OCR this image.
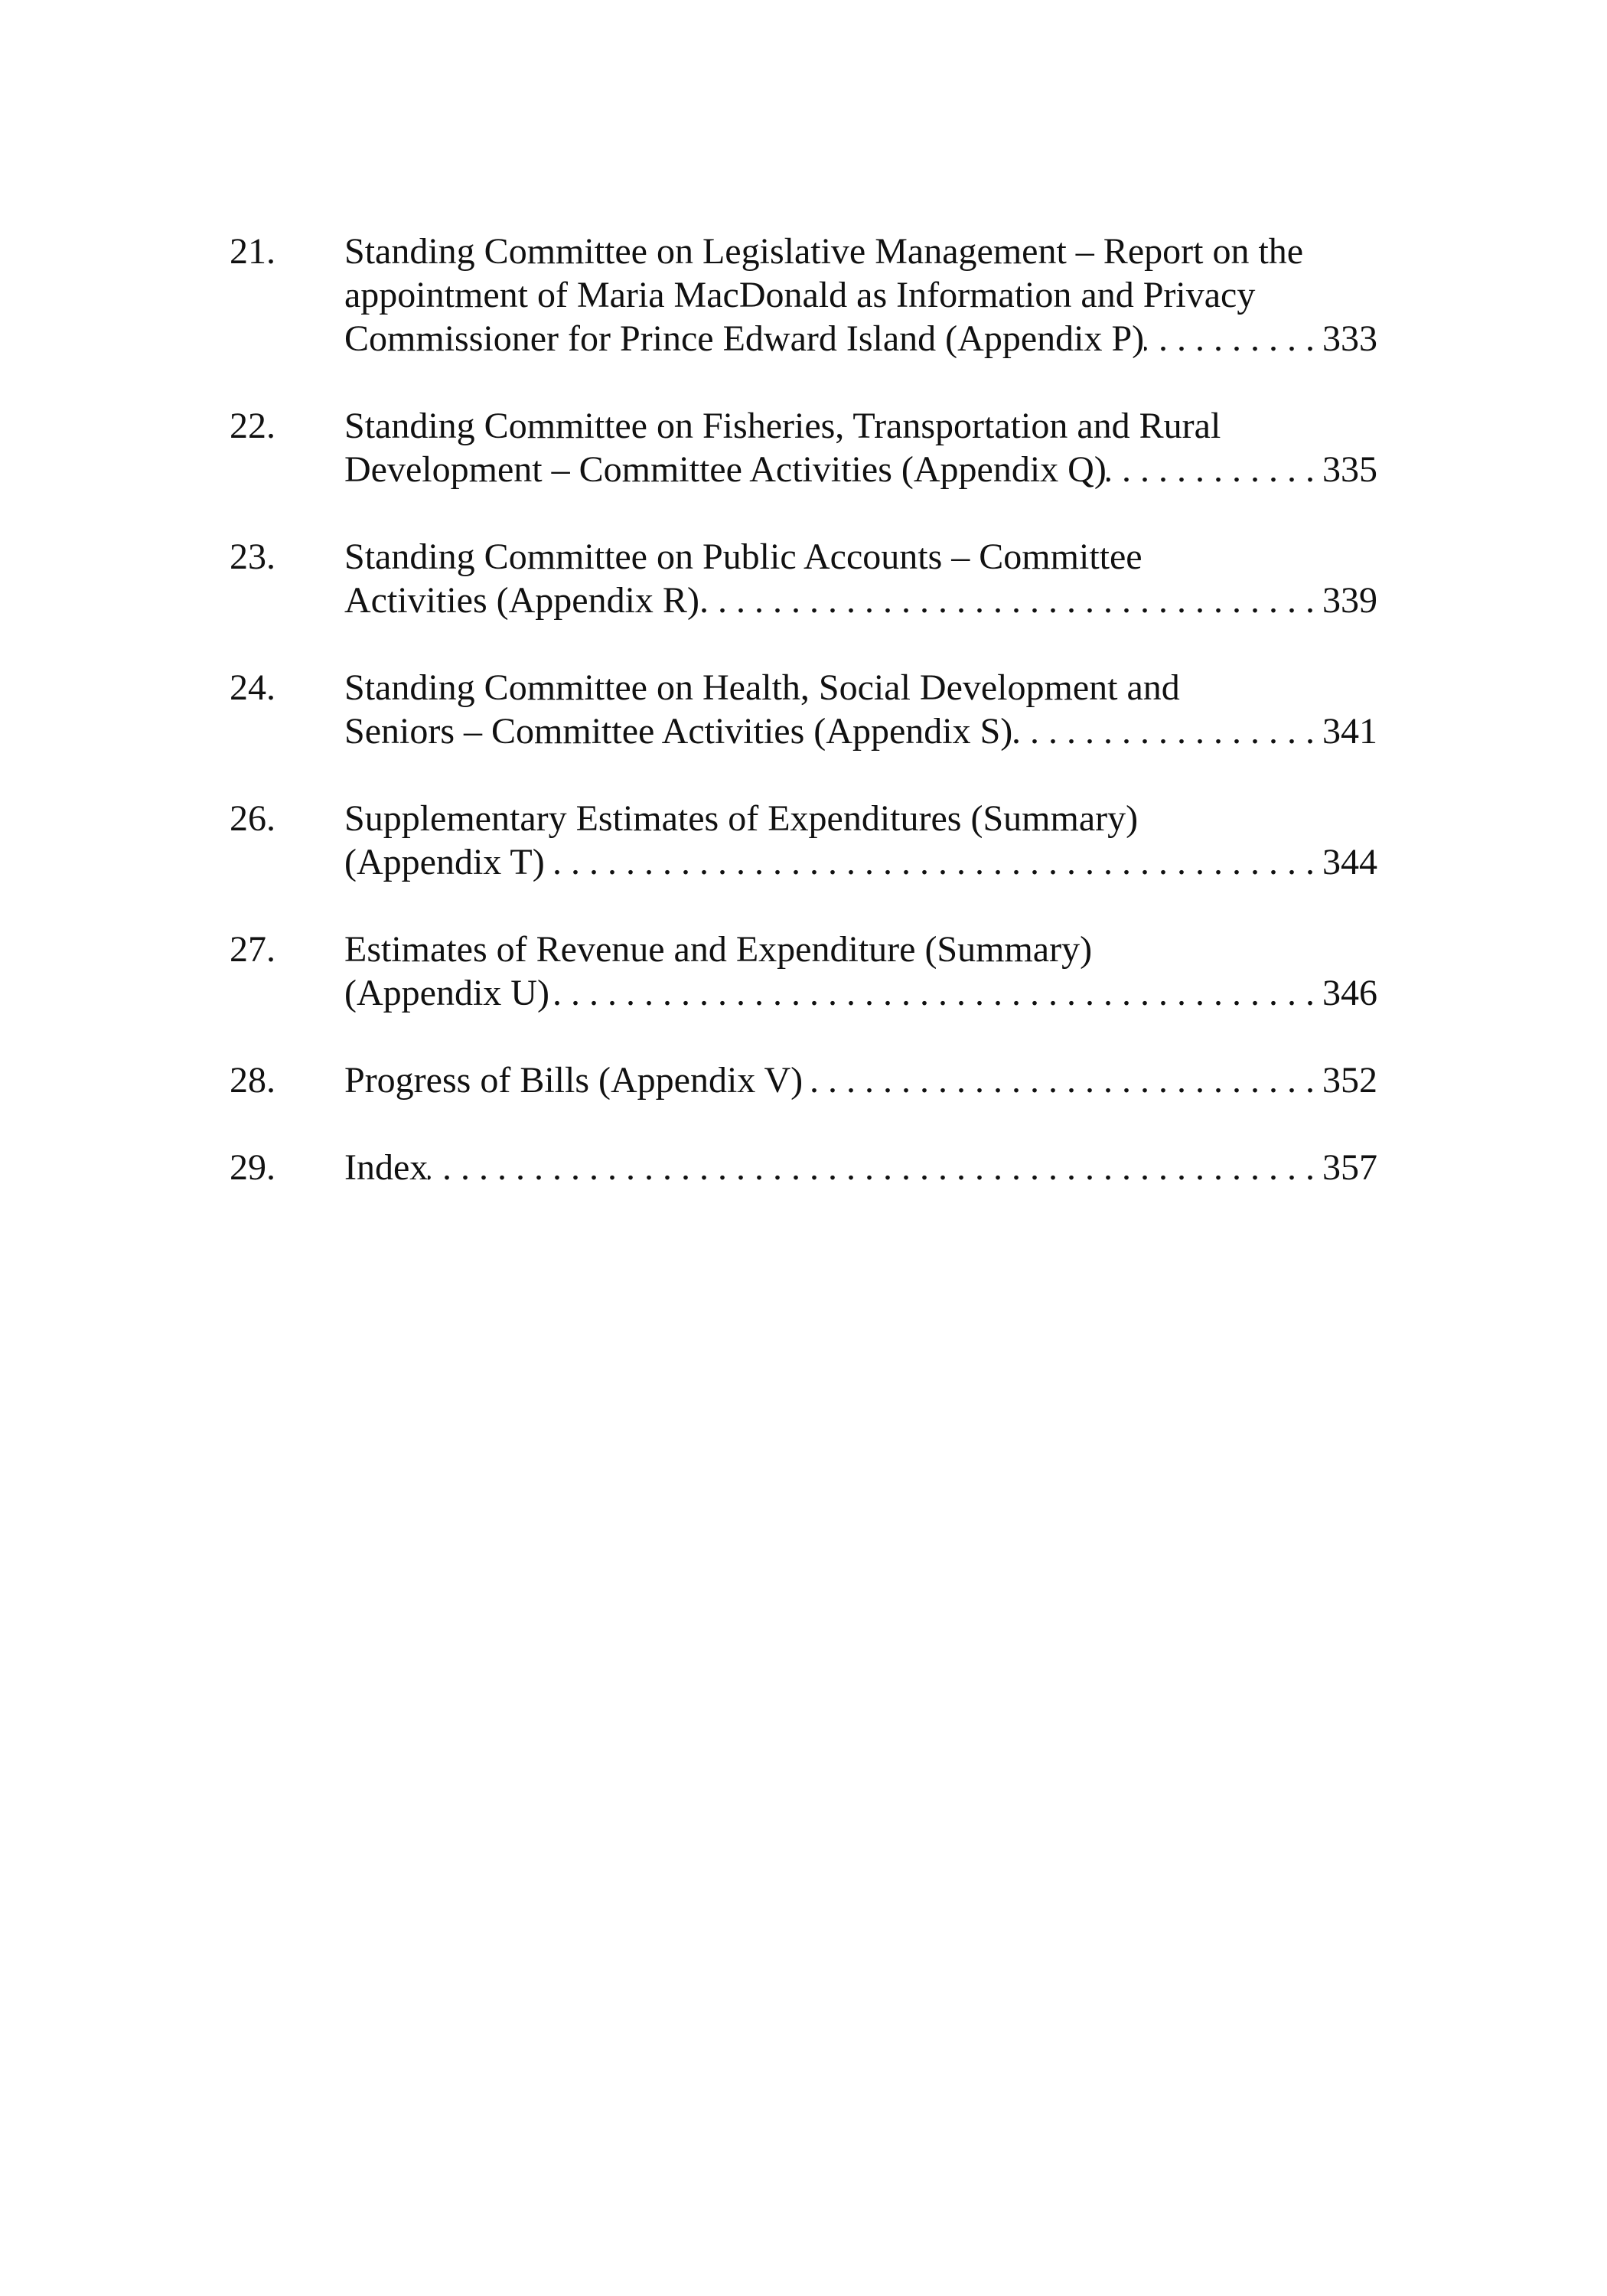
21. Standing Committee on Legislative Management – Report on the
appointment of Maria MacDonald as Information and Privacy
Commissioner for Prince Edward Island (Appendix P) . . .	333
22. Standing Committee on Fisheries, Transportation and Rural
Development – Committee Activities (Appendix Q) . . .	335
23. Standing Committee on Public Accounts – Committee
Activities (Appendix R) . . .	339
24. Standing Committee on Health, Social Development and
Seniors – Committee Activities (Appendix S) . . .	341
26. Supplementary Estimates of Expenditures (Summary)
(Appendix T) . . .	344
27. Estimates of Revenue and Expenditure (Summary)
(Appendix U) . . .	346
28. Progress of Bills (Appendix V) . . .	352
29. Index . . .	357
